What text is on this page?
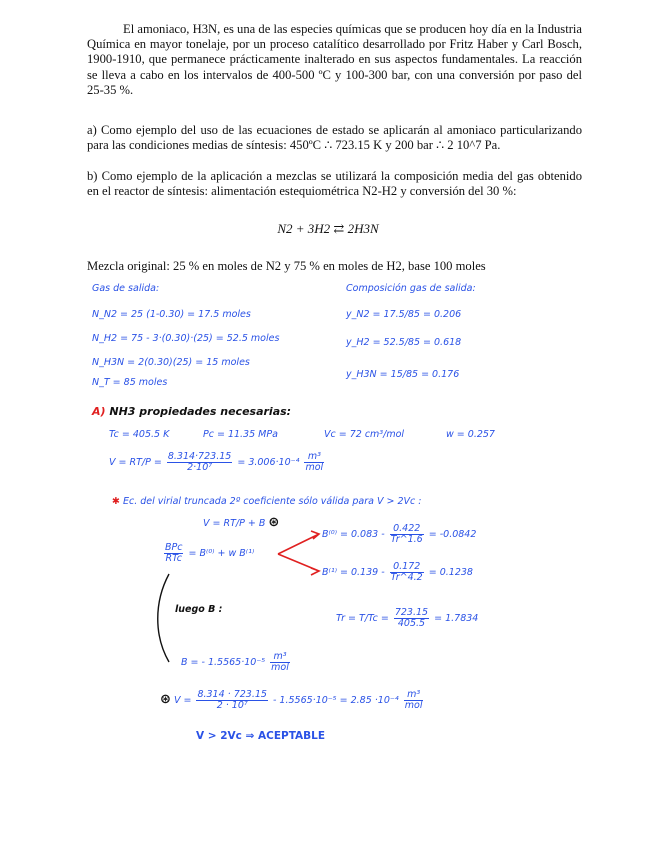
El amoniaco, H3N, es una de las especies químicas que se producen hoy día en la Industria Química en mayor tonelaje, por un proceso catalítico desarrollado por Fritz Haber y Carl Bosch, 1900-1910, que permanece prácticamente inalterado en sus aspectos fundamentales. La reacción se lleva a cabo en los intervalos de 400-500 ºC y 100-300 bar, con una conversión por paso del 25-35 %.
a) Como ejemplo del uso de las ecuaciones de estado se aplicarán al amoniaco particularizando para las condiciones medias de síntesis: 450ºC ∴ 723.15 K y 200 bar ∴ 2 10^7 Pa.
b) Como ejemplo de la aplicación a mezclas se utilizará la composición media del gas obtenido en el reactor de síntesis: alimentación estequiométrica N2-H2 y conversión del 30 %:
N2 + 3H2 ⇄ 2H3N
Mezcla original: 25 % en moles de N2 y 75 % en moles de H2, base 100 moles
Gas de salida:
N_N2 = 25 (1-0.30) = 17.5 moles
N_H2 = 75 - 3·(0.30)·(25) = 52.5 moles
N_H3N = 2(0.30)(25) = 15 moles
N_T = 85 moles
Composición gas de salida:
y_N2 = 17.5/85 = 0.206
y_H2 = 52.5/85 = 0.618
y_H3N = 15/85 = 0.176
A) NH3 propiedades necesarias:
Tc = 405.5 K	Pc = 11.35 MPa	Vc = 72 cm³/mol	w = 0.257
$V = RT/P = \frac{8.314\cdot 723.15}{\text{2·10⁷}} = 3.006\cdot 10^{-4} \frac{\text{m³}}{\text{mol}}$
✱ Ec. del virial truncada 2º coeficiente sólo válida para V > 2Vc :
V = RT/P + B ⊛
$\frac{\text{BPc}}{\text{RTc}} = B^{(0)} + w$ B⁽¹⁾
$B^{(0)} = 0.083 - \frac{0.422}{Tr\^{}1.6} = -0.0842$
$B^{(1)} = 0.139 - \frac{0.172}{Tr\^{}4.2} = 0.1238$
luego B :
$Tr = T/Tc = \frac{723.15}{405.5} = 1.7834$
B = - $1.5565\cdot 10^{-5} \frac{\text{m³}}{\text{mol}}$
⊛ $V = \frac{8.314 \cdot 723.15}{\text{2 · 10⁷}} - 1.5565\cdot 10^{-5} = 2.85 \cdot 10^{-4} \frac{\text{m³}}{\text{mol}}$
V > 2Vc ⇒ ACEPTABLE
